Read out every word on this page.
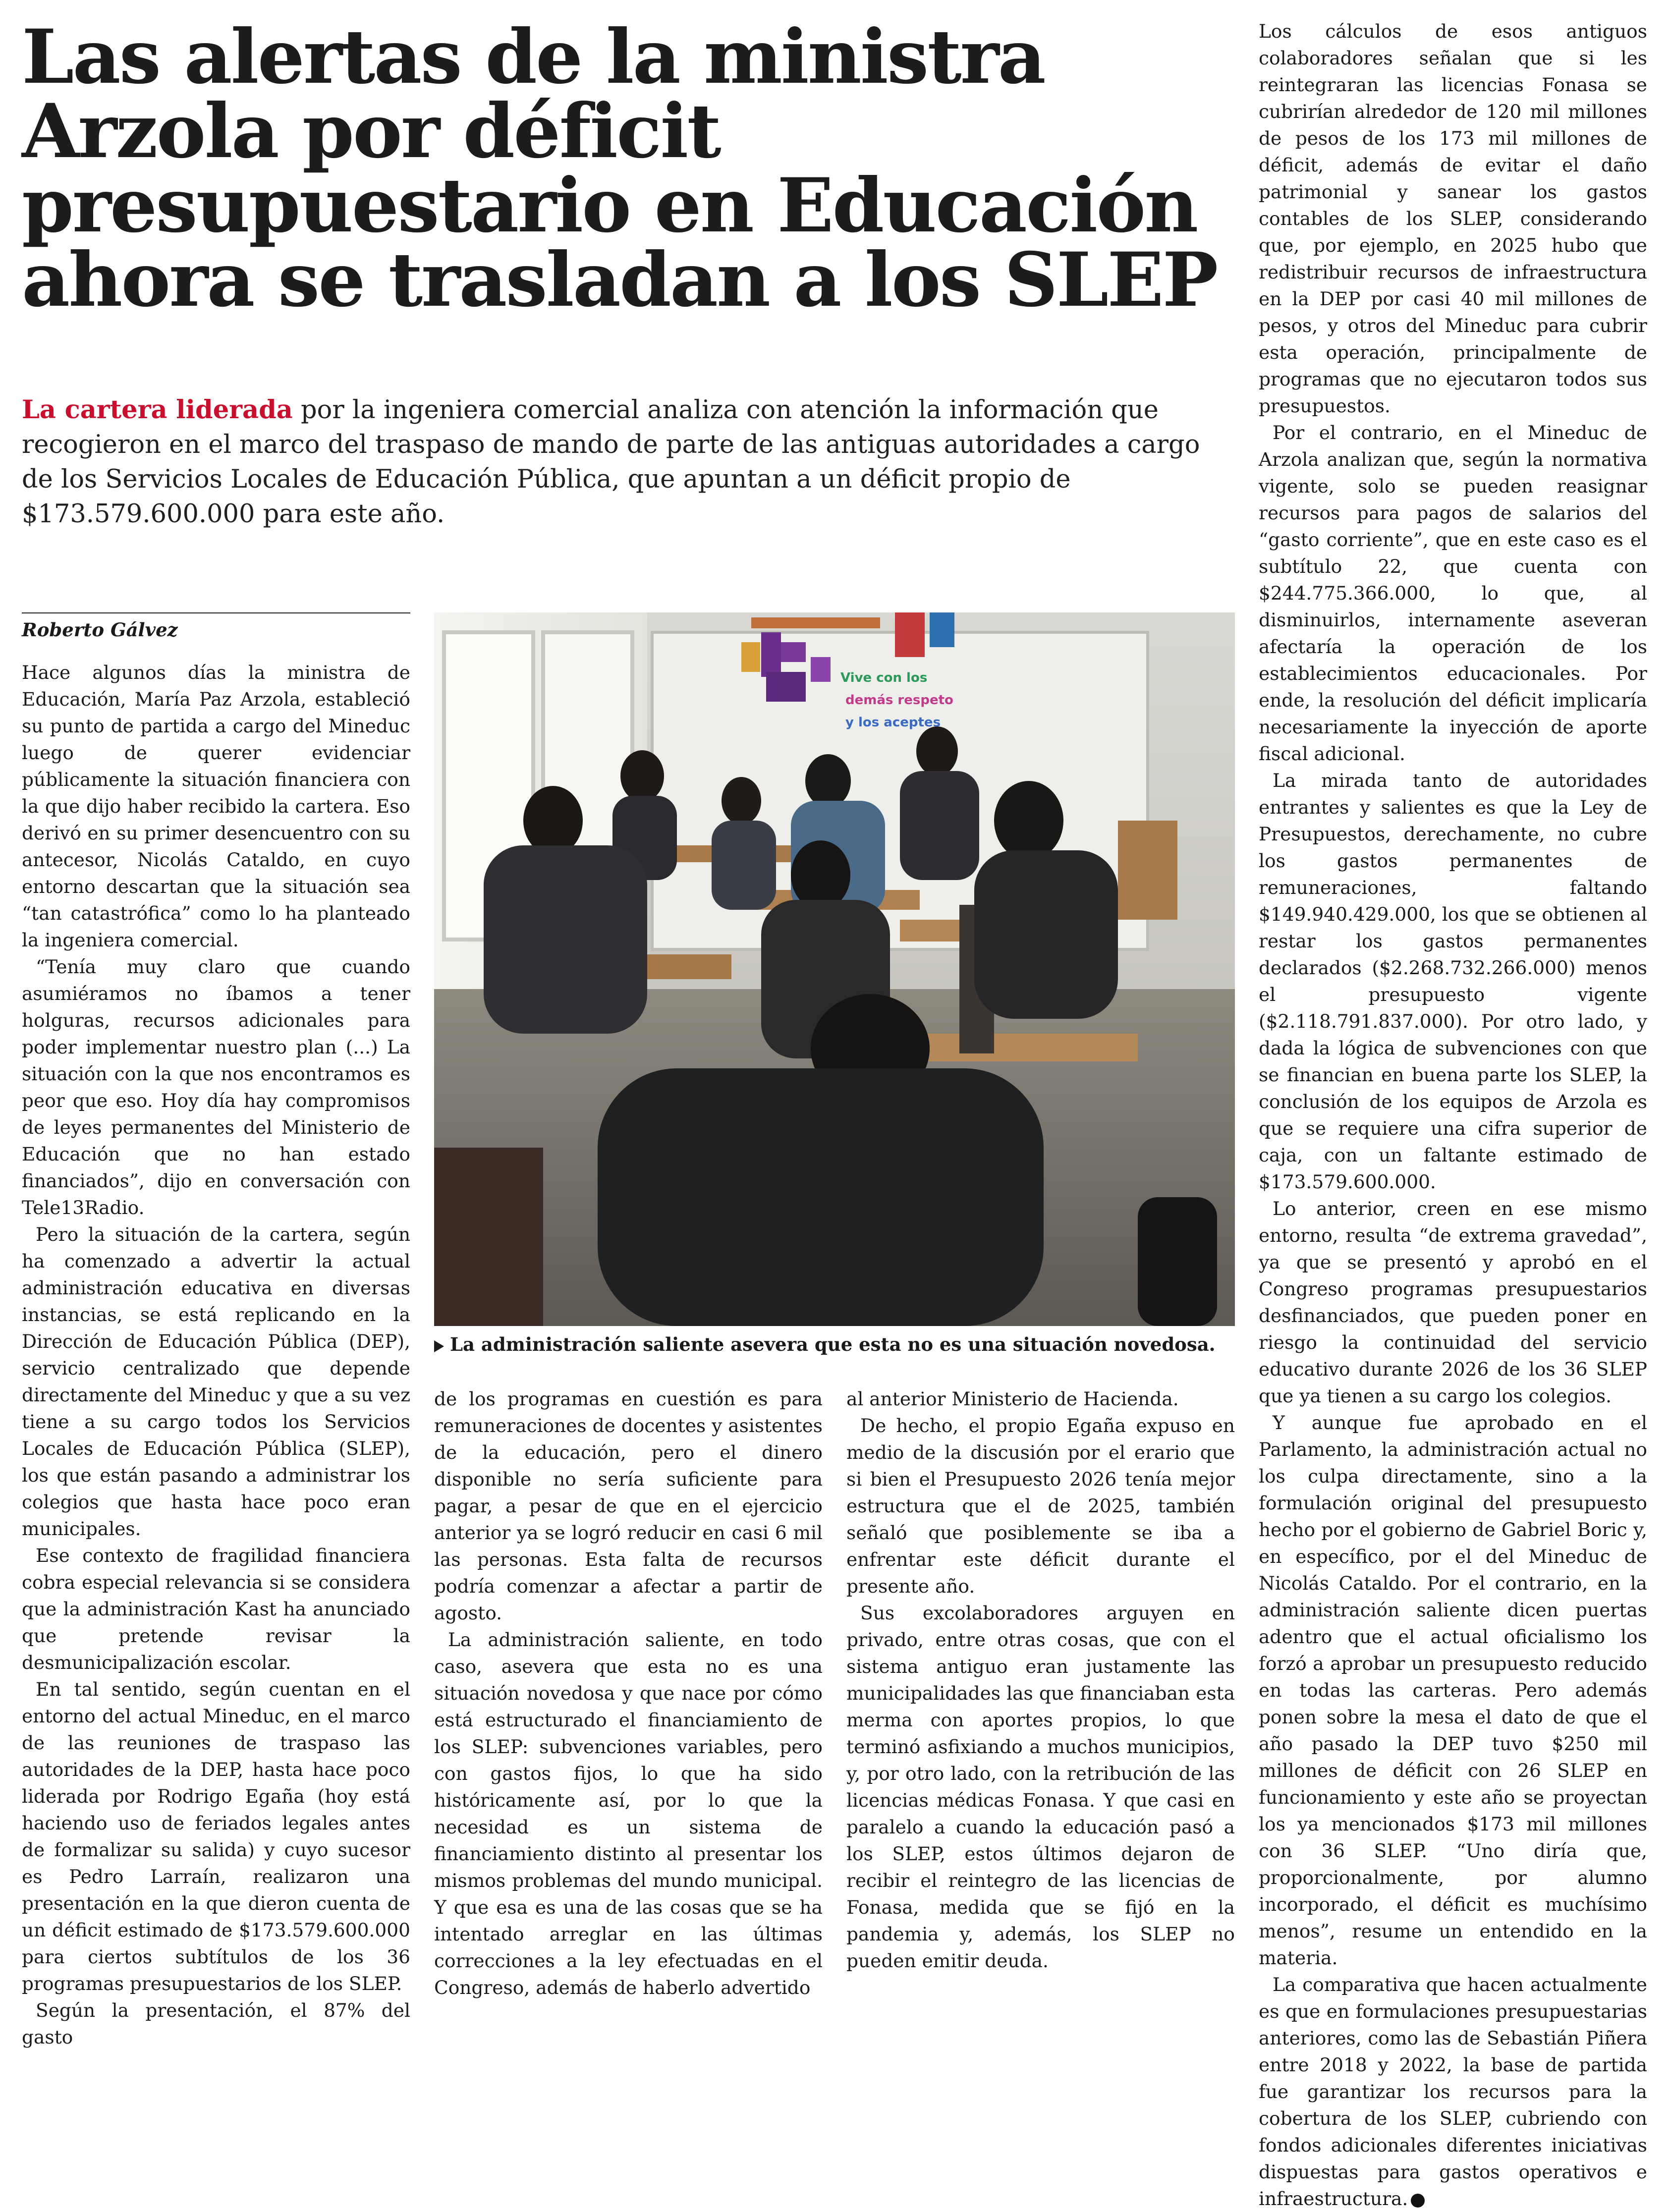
Las alertas de la ministra Arzola por déficit presupuestario en Educación ahora se trasladan a los SLEP
La cartera liderada por la ingeniera comercial analiza con atención la información que recogieron en el marco del traspaso de mando de parte de las antiguas autoridades a cargo de los Servicios Locales de Educación Pública, que apuntan a un déficit propio de $173.579.600.000 para este año.
Roberto Gálvez

Hace algunos días la ministra de Educación, María Paz Arzola, estableció su punto de partida a cargo del Mineduc luego de querer evidenciar públicamente la situación financiera con la que dijo haber recibido la cartera. Eso derivó en su primer desencuentro con su antecesor, Nicolás Cataldo, en cuyo entorno descartan que la situación sea “tan catastrófica” como lo ha planteado la ingeniera comercial.

“Tenía muy claro que cuando asumiéramos no íbamos a tener holguras, recursos adicionales para poder implementar nuestro plan (...) La situación con la que nos encontramos es peor que eso. Hoy día hay compromisos de leyes permanentes del Ministerio de Educación que no han estado financiados”, dijo en conversación con Tele13Radio.

Pero la situación de la cartera, según ha comenzado a advertir la actual administración educativa en diversas instancias, se está replicando en la Dirección de Educación Pública (DEP), servicio centralizado que depende directamente del Mineduc y que a su vez tiene a su cargo todos los Servicios Locales de Educación Pública (SLEP), los que están pasando a administrar los colegios que hasta hace poco eran municipales.

Ese contexto de fragilidad financiera cobra especial relevancia si se considera que la administración Kast ha anunciado que pretende revisar la desmunicipalización escolar.

En tal sentido, según cuentan en el entorno del actual Mineduc, en el marco de las reuniones de traspaso las autoridades de la DEP, hasta hace poco liderada por Rodrigo Egaña (hoy está haciendo uso de feriados legales antes de formalizar su salida) y cuyo sucesor es Pedro Larraín, realizaron una presentación en la que dieron cuenta de un déficit estimado de $173.579.600.000 para ciertos subtítulos de los 36 programas presupuestarios de los SLEP.

Según la presentación, el 87% del gasto

Vive con los
demás respeto
y los aceptes
La administración saliente asevera que esta no es una situación novedosa.

de los programas en cuestión es para remuneraciones de docentes y asistentes de la educación, pero el dinero disponible no sería suficiente para pagar, a pesar de que en el ejercicio anterior ya se logró reducir en casi 6 mil las personas. Esta falta de recursos podría comenzar a afectar a partir de agosto.

La administración saliente, en todo caso, asevera que esta no es una situación novedosa y que nace por cómo está estructurado el financiamiento de los SLEP: subvenciones variables, pero con gastos fijos, lo que ha sido históricamente así, por lo que la necesidad es un sistema de financiamiento distinto al presentar los mismos problemas del mundo municipal. Y que esa es una de las cosas que se ha intentado arreglar en las últimas correcciones a la ley efectuadas en el Congreso, además de haberlo advertido

al anterior Ministerio de Hacienda.

De hecho, el propio Egaña expuso en medio de la discusión por el erario que si bien el Presupuesto 2026 tenía mejor estructura que el de 2025, también señaló que posiblemente se iba a enfrentar este déficit durante el presente año.

Sus excolaboradores arguyen en privado, entre otras cosas, que con el sistema antiguo eran justamente las municipalidades las que financiaban esta merma con aportes propios, lo que terminó asfixiando a muchos municipios, y, por otro lado, con la retribución de las licencias médicas Fonasa. Y que casi en paralelo a cuando la educación pasó a los SLEP, estos últimos dejaron de recibir el reintegro de las licencias de Fonasa, medida que se fijó en la pandemia y, además, los SLEP no pueden emitir deuda.

Los cálculos de esos antiguos colaboradores señalan que si les reintegraran las licencias Fonasa se cubrirían alrededor de 120 mil millones de pesos de los 173 mil millones de déficit, además de evitar el daño patrimonial y sanear los gastos contables de los SLEP, considerando que, por ejemplo, en 2025 hubo que redistribuir recursos de infraestructura en la DEP por casi 40 mil millones de pesos, y otros del Mineduc para cubrir esta operación, principalmente de programas que no ejecutaron todos sus presupuestos.

Por el contrario, en el Mineduc de Arzola analizan que, según la normativa vigente, solo se pueden reasignar recursos para pagos de salarios del “gasto corriente”, que en este caso es el subtítulo 22, que cuenta con $244.775.366.000, lo que, al disminuirlos, internamente aseveran afectaría la operación de los establecimientos educacionales. Por ende, la resolución del déficit implicaría necesariamente la inyección de aporte fiscal adicional.

La mirada tanto de autoridades entrantes y salientes es que la Ley de Presupuestos, derechamente, no cubre los gastos permanentes de remuneraciones, faltando $149.940.429.000, los que se obtienen al restar los gastos permanentes declarados ($2.268.732.266.000) menos el presupuesto vigente ($2.118.791.837.000). Por otro lado, y dada la lógica de subvenciones con que se financian en buena parte los SLEP, la conclusión de los equipos de Arzola es que se requiere una cifra superior de caja, con un faltante estimado de $173.579.600.000.

Lo anterior, creen en ese mismo entorno, resulta “de extrema gravedad”, ya que se presentó y aprobó en el Congreso programas presupuestarios desfinanciados, que pueden poner en riesgo la continuidad del servicio educativo durante 2026 de los 36 SLEP que ya tienen a su cargo los colegios.

Y aunque fue aprobado en el Parlamento, la administración actual no los culpa directamente, sino a la formulación original del presupuesto hecho por el gobierno de Gabriel Boric y, en específico, por el del Mineduc de Nicolás Cataldo. Por el contrario, en la administración saliente dicen puertas adentro que el actual oficialismo los forzó a aprobar un presupuesto reducido en todas las carteras. Pero además ponen sobre la mesa el dato de que el año pasado la DEP tuvo $250 mil millones de déficit con 26 SLEP en funcionamiento y este año se proyectan los ya mencionados $173 mil millones con 36 SLEP. “Uno diría que, proporcionalmente, por alumno incorporado, el déficit es muchísimo menos”, resume un entendido en la materia.

La comparativa que hacen actualmente es que en formulaciones presupuestarias anteriores, como las de Sebastián Piñera entre 2018 y 2022, la base de partida fue garantizar los recursos para la cobertura de los SLEP, cubriendo con fondos adicionales diferentes iniciativas dispuestas para gastos operativos e infraestructura.
